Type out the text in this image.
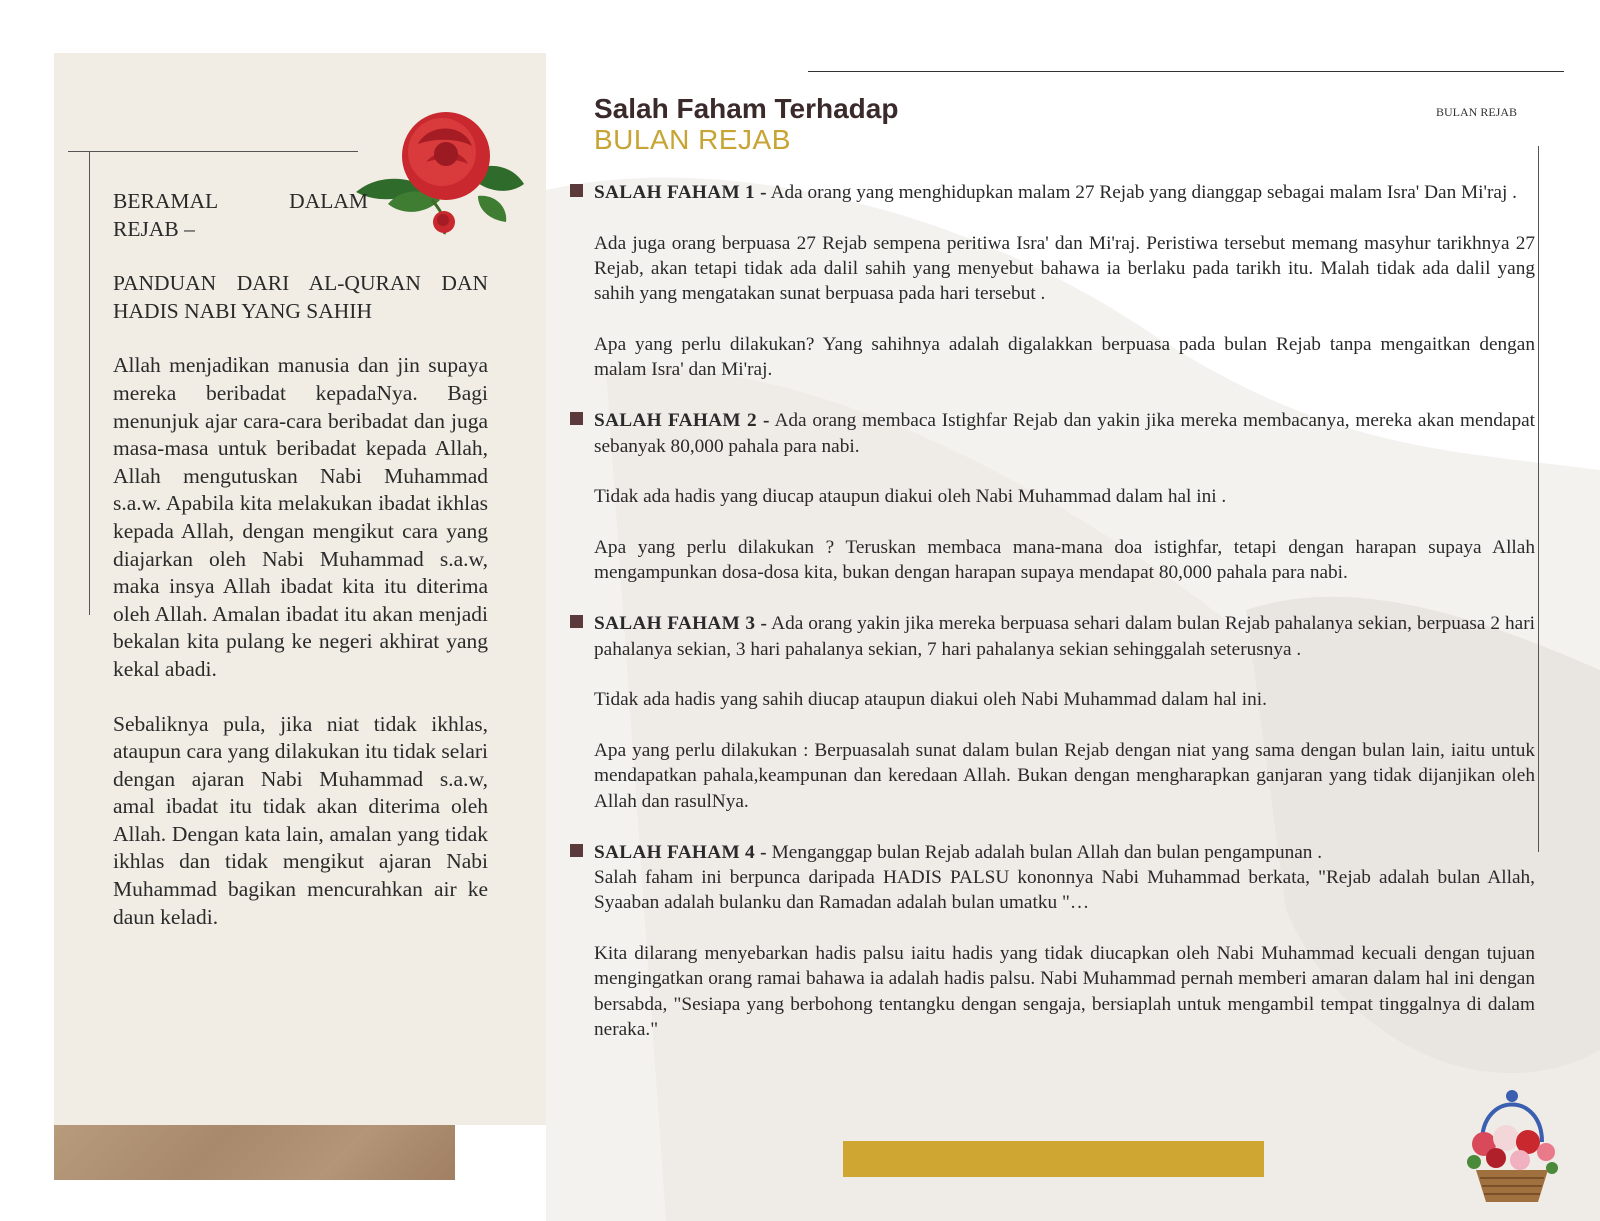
BERAMAL DALAM REJAB –

PANDUAN DARI AL-QURAN DAN HADIS NABI YANG SAHIH

Allah menjadikan manusia dan jin supaya mereka beribadat kepadaNya. Bagi menunjuk ajar cara-cara beribadat dan juga masa-masa untuk beribadat kepada Allah, Allah mengutuskan Nabi Muhammad s.a.w. Apabila kita melakukan ibadat ikhlas kepada Allah, dengan mengikut cara yang diajarkan oleh Nabi Muhammad s.a.w, maka insya Allah ibadat kita itu diterima oleh Allah. Amalan ibadat itu akan menjadi bekalan kita pulang ke negeri akhirat yang kekal abadi.

Sebaliknya pula, jika niat tidak ikhlas, ataupun cara yang dilakukan itu tidak selari dengan ajaran Nabi Muhammad s.a.w, amal ibadat itu tidak akan diterima oleh Allah. Dengan kata lain, amalan yang tidak ikhlas dan tidak mengikut ajaran Nabi Muhammad bagikan mencurahkan air ke daun keladi.

Salah Faham Terhadap
BULAN REJAB
BULAN REJAB

SALAH FAHAM 1 - Ada orang yang menghidupkan malam 27 Rejab yang dianggap sebagai malam Isra' Dan Mi'raj .

Ada juga orang berpuasa 27 Rejab sempena peritiwa Isra' dan Mi'raj. Peristiwa tersebut memang masyhur tarikhnya 27 Rejab, akan tetapi tidak ada dalil sahih yang menyebut bahawa ia berlaku pada tarikh itu. Malah tidak ada dalil yang sahih yang mengatakan sunat berpuasa pada hari tersebut .

Apa yang perlu dilakukan? Yang sahihnya adalah digalakkan berpuasa pada bulan Rejab tanpa mengaitkan dengan malam Isra' dan Mi'raj.

SALAH FAHAM 2 - Ada orang membaca Istighfar Rejab dan yakin jika mereka membacanya, mereka akan mendapat sebanyak 80,000 pahala para nabi.

Tidak ada hadis yang diucap ataupun diakui oleh Nabi Muhammad dalam hal ini .

Apa yang perlu dilakukan ? Teruskan membaca mana-mana doa istighfar, tetapi dengan harapan supaya Allah mengampunkan dosa-dosa kita, bukan dengan harapan supaya mendapat 80,000 pahala para nabi.

SALAH FAHAM 3 - Ada orang yakin jika mereka berpuasa sehari dalam bulan Rejab pahalanya sekian, berpuasa 2 hari pahalanya sekian, 3 hari pahalanya sekian, 7 hari pahalanya sekian sehinggalah seterusnya .

Tidak ada hadis yang sahih diucap ataupun diakui oleh Nabi Muhammad dalam hal ini.

Apa yang perlu dilakukan : Berpuasalah sunat dalam bulan Rejab dengan niat yang sama dengan bulan lain, iaitu untuk mendapatkan pahala,keampunan dan keredaan Allah. Bukan dengan mengharapkan ganjaran yang tidak dijanjikan oleh Allah dan rasulNya.

SALAH FAHAM 4 - Menganggap bulan Rejab adalah bulan Allah dan bulan pengampunan .
Salah faham ini berpunca daripada HADIS PALSU kononnya Nabi Muhammad berkata, "Rejab adalah bulan Allah, Syaaban adalah bulanku dan Ramadan adalah bulan umatku "…

Kita dilarang menyebarkan hadis palsu iaitu hadis yang tidak diucapkan oleh Nabi Muhammad kecuali dengan tujuan mengingatkan orang ramai bahawa ia adalah hadis palsu. Nabi Muhammad pernah memberi amaran dalam hal ini dengan bersabda, "Sesiapa yang berbohong tentangku dengan sengaja, bersiaplah untuk mengambil tempat tinggalnya di dalam neraka."
